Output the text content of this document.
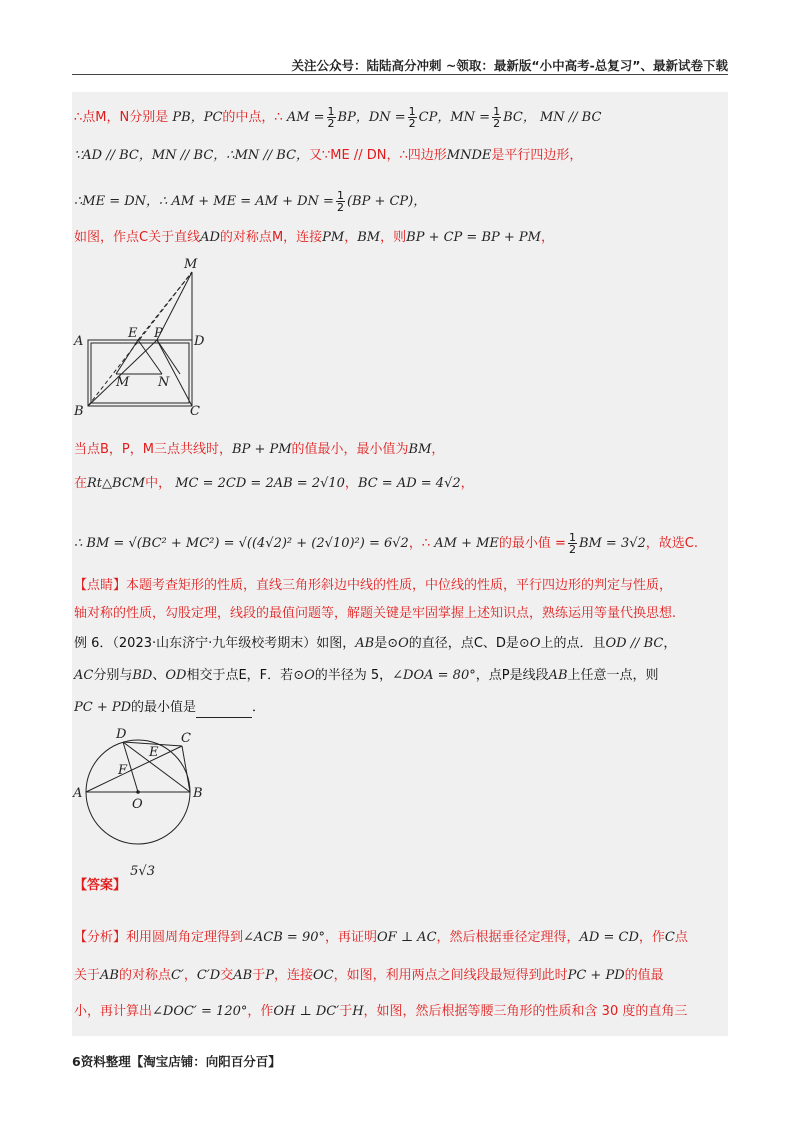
关注公众号：陆陆高分冲刺 ~领取：最新版“小中高考-总复习”、最新试卷下载
∴点M，N分别是 PB，PC的中点，∴ AM = $\frac{1}{2}$ BP，DN = $\frac{1}{2}$ CP，MN = $\frac{1}{2}$ BC， MN // BC
∵AD // BC，MN // BC，∴MN // BC，又∵ME // DN，∴四边形MNDE是平行四边形，
∴ME = DN，∴ AM + ME = AM + DN = $\frac{1}{2} (BP + CP)$，
如图，作点C关于直线AD的对称点M，连接PM，BM，则BP + CP = BP + PM，
M
A	D
E P
M N
B	C
当点B，P，M三点共线时，BP + PM的值最小，最小值为BM，
在Rt△BCM中， MC = 2CD = 2AB = 2√10，BC = AD = 4√2，
∴ BM = √(BC² + MC²) = √((4√2)² + (2√10)²) = 6√2，∴ AM + ME的最小值 = $\frac{1}{2}$ BM = 3√2，故选C.
【点睛】本题考查矩形的性质，直线三角形斜边中线的性质，中位线的性质，平行四边形的判定与性质，
轴对称的性质，勾股定理，线段的最值问题等，解题关键是牢固掌握上述知识点，熟练运用等量代换思想.
例 6．（2023·山东济宁·九年级校考期末）如图，AB是⊙O的直径，点C、D是⊙O上的点．且OD // BC，
AC分别与BD、OD相交于点E，F．若⊙O的半径为 5，∠DOA = 80°，点P是线段AB上任意一点，则
PC + PD的最小值是	．
D	C
E
F
A	B
O
【答案】 5√3
【分析】利用圆周角定理得到∠ACB = 90°，再证明OF ⊥ AC，然后根据垂径定理得，AD = CD，作C点
关于AB的对称点C′，C′D交AB于P，连接OC，如图，利用两点之间线段最短得到此时PC + PD的值最
小，再计算出∠DOC′ = 120°，作OH ⊥ DC′于H，如图，然后根据等腰三角形的性质和含 30 度的直角三
6资料整理【淘宝店铺：向阳百分百】
